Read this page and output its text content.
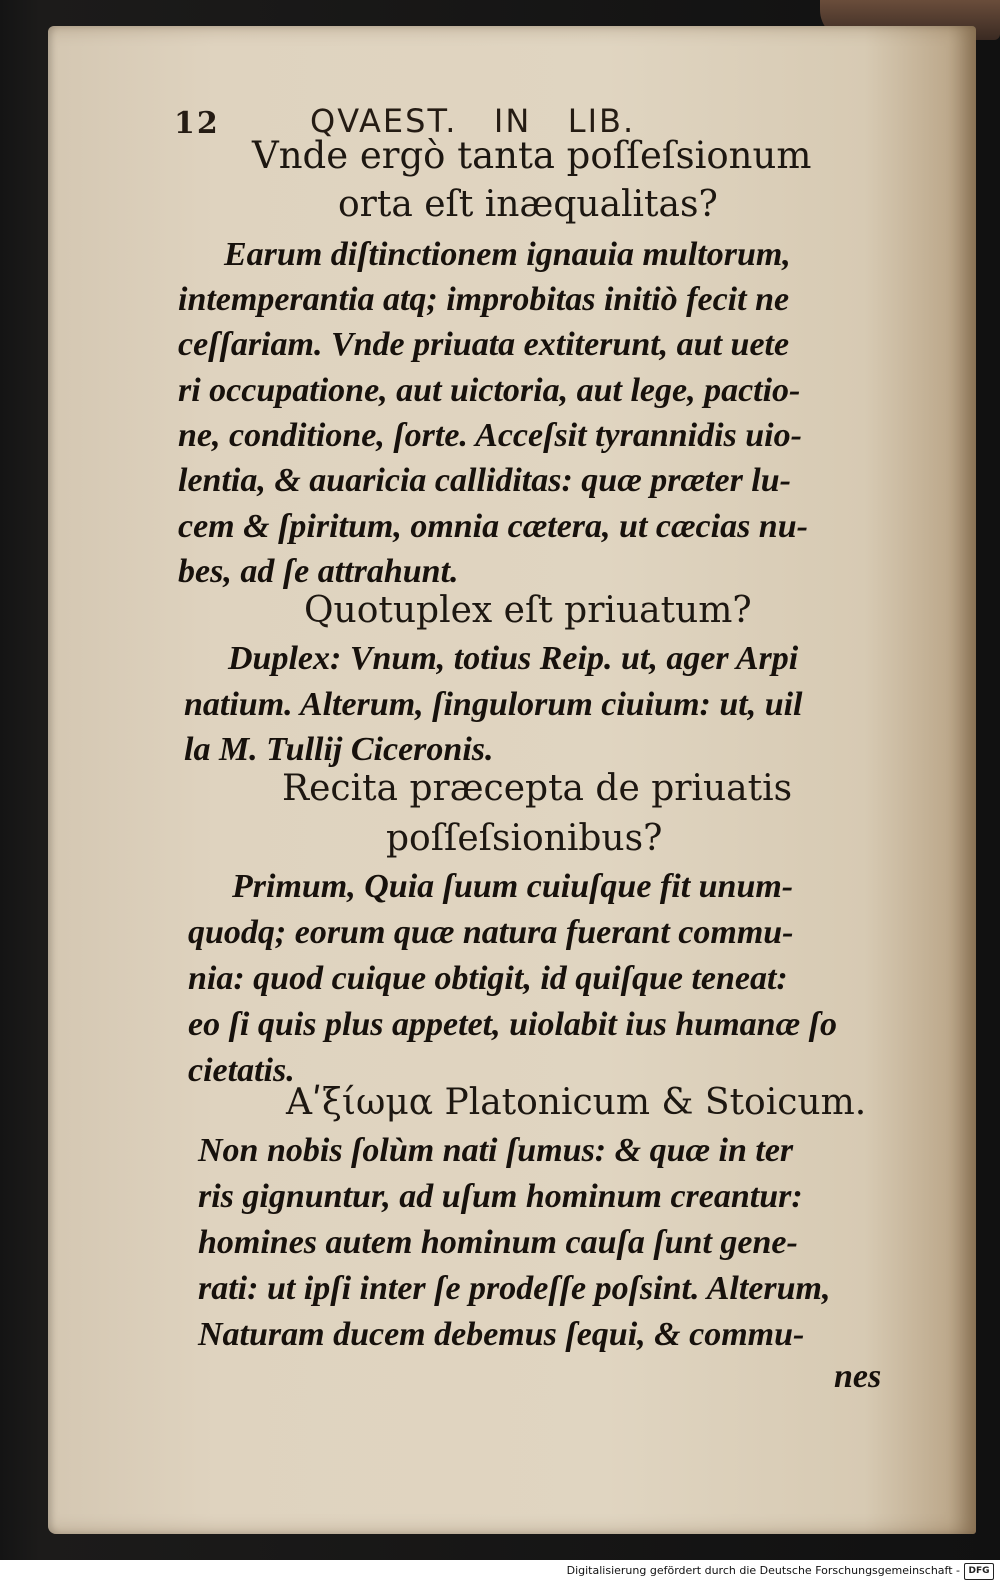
12	QVAEST.   IN   LIB.
Vnde ergò tanta poſſeſsionum
orta eſt inæqualitas?
Earum diſtinctionem ignauia multorum,
intemperantia atq; improbitas initiò fecit ne
ceſſariam. Vnde priuata extiterunt, aut uete
ri occupatione, aut uictoria, aut lege, pactio-
ne, conditione, ſorte. Acceſsit tyrannidis uio-
lentia, & auaricia calliditas: quæ præter lu-
cem & ſpiritum, omnia cætera, ut cæcias nu-
bes, ad ſe attrahunt.
Quotuplex eſt priuatum?
Duplex: Vnum, totius Reip. ut, ager Arpi
natium. Alterum, ſingulorum ciuium: ut, uil
la M. Tullij Ciceronis.
Recita præcepta de priuatis
poſſeſsionibus?
Primum, Quia ſuum cuiuſque fit unum-
quodq; eorum quæ natura fuerant commu-
nia: quod cuique obtigit, id quiſque teneat:
eo ſi quis plus appetet, uiolabit ius humanæ ſo
cietatis.
Aʹξίωμα Platonicum & Stoicum.
Non nobis ſolùm nati ſumus: & quæ in ter
ris gignuntur, ad uſum hominum creantur:
homines autem hominum cauſa ſunt gene-
rati: ut ipſi inter ſe prodeſſe poſsint. Alterum,
Naturam ducem debemus ſequi, & commu-
nes
Digitalisierung gefördert durch die Deutsche Forschungsgemeinschaft - DFG
